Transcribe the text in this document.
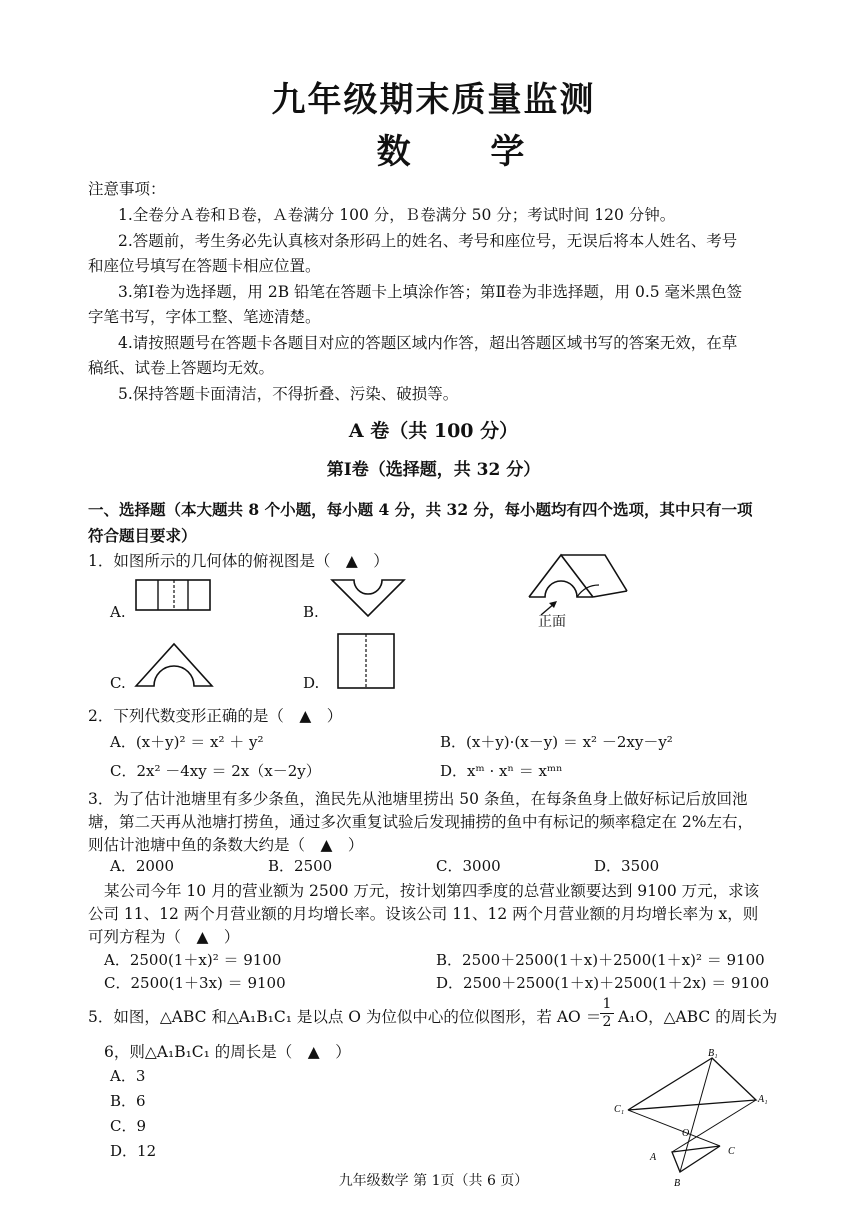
九年级期末质量监测
数 学
注意事项：
1.全卷分Ａ卷和Ｂ卷，Ａ卷满分 100 分，Ｂ卷满分 50 分；考试时间 120 分钟。
2.答题前，考生务必先认真核对条形码上的姓名、考号和座位号，无误后将本人姓名、考号
和座位号填写在答题卡相应位置。
3.第Ⅰ卷为选择题，用 2B 铅笔在答题卡上填涂作答；第Ⅱ卷为非选择题，用 0.5 毫米黑色签
字笔书写，字体工整、笔迹清楚。
4.请按照题号在答题卡各题目对应的答题区域内作答，超出答题区域书写的答案无效，在草
稿纸、试卷上答题均无效。
5.保持答题卡面清洁，不得折叠、污染、破损等。
A 卷（共 100 分）
第Ⅰ卷（选择题，共 32 分）
一、选择题（本大题共 8 个小题，每小题 4 分，共 32 分，每小题均有四个选项，其中只有一项
符合题目要求）
1．如图所示的几何体的俯视图是（　▲　）
A.	B.
C.	D.
正面
2．下列代数变形正确的是（　▲　）
A．(x＋y)² ＝ x² ＋ y²	B．(x＋y)·(x－y) ＝ x² －2xy－y²
C．2x² －4xy ＝ 2x（x－2y）	D．xᵐ · xⁿ ＝ xᵐⁿ
3．为了估计池塘里有多少条鱼，渔民先从池塘里捞出 50 条鱼，在每条鱼身上做好标记后放回池
塘，第二天再从池塘打捞鱼，通过多次重复试验后发现捕捞的鱼中有标记的频率稳定在 2%左右，
则估计池塘中鱼的条数大约是（　▲　）
A．2000	B．2500	C．3000	D．3500
某公司今年 10 月的营业额为 2500 万元，按计划第四季度的总营业额要达到 9100 万元，求该
公司 11、12 两个月营业额的月均增长率。设该公司 11、12 两个月营业额的月均增长率为 x，则
可列方程为（　▲　）
A．2500(1＋x)² ＝ 9100	B．2500＋2500(1＋x)＋2500(1＋x)² ＝ 9100
C．2500(1＋3x) ＝ 9100	D．2500＋2500(1＋x)＋2500(1＋2x) ＝ 9100
5．如图，△ABC 和△A₁B₁C₁ 是以点 O 为位似中心的位似图形，若 AO ＝
$\frac{1}{2} A_1O$，△ABC 的周长为
6，则△A₁B₁C₁ 的周长是（　▲　）
A．3
B．6
C．9
D．12
B₁
C₁
A₁
O
A
C
B
九年级数学 第 1页（共 6 页）
